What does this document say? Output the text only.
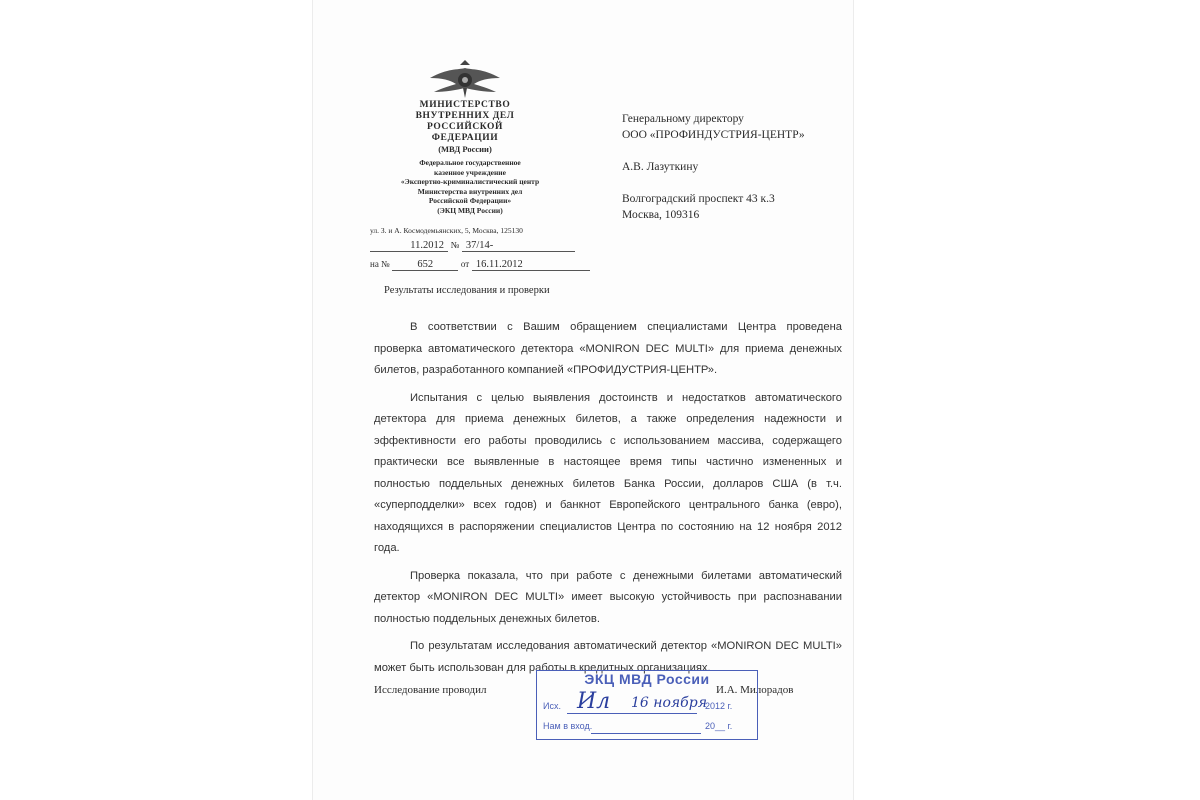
МИНИСТЕРСТВО
ВНУТРЕННИХ ДЕЛ
РОССИЙСКОЙ ФЕДЕРАЦИИ
(МВД России)
Федеральное государственное
казенное учреждение
«Экспертно-криминалистический центр
Министерства внутренних дел
Российской Федерации»
(ЭКЦ МВД России)
ул. З. и А. Космодемьянских, 5, Москва, 125130
11.2012 № 37/14-
на №	652	от 16.11.2012
Результаты исследования и проверки
Генеральному директору
ООО «ПРОФИНДУСТРИЯ-ЦЕНТР»
А.В. Лазуткину
Волгоградский проспект 43 к.3
Москва, 109316

В соответствии с Вашим обращением специалистами Центра проведена проверка автоматического детектора «MONIRON DEC MULTI» для приема денежных билетов, разработанного компанией «ПРОФИДУСТРИЯ-ЦЕНТР».

Испытания с целью выявления достоинств и недостатков автоматического детектора для приема денежных билетов, а также определения надежности и эффективности его работы проводились с использованием массива, содержащего практически все выявленные в настоящее время типы частично измененных и полностью поддельных денежных билетов Банка России, долларов США (в т.ч. «суперподделки» всех годов) и банкнот Европейского центрального банка (евро), находящихся в распоряжении специалистов Центра по состоянию на 12 ноября 2012 года.

Проверка показала, что при работе с денежными билетами автоматический детектор «MONIRON DEC MULTI» имеет высокую устойчивость при распознавании полностью поддельных денежных билетов.

По результатам исследования автоматический детектор «MONIRON DEC MULTI» может быть использован для работы в кредитных организациях.

Исследование проводил	И.А. Милорадов
ЭКЦ МВД России
Исх. Ил 16 ноября
2012 г.
Нам в вход.	20__ г.
